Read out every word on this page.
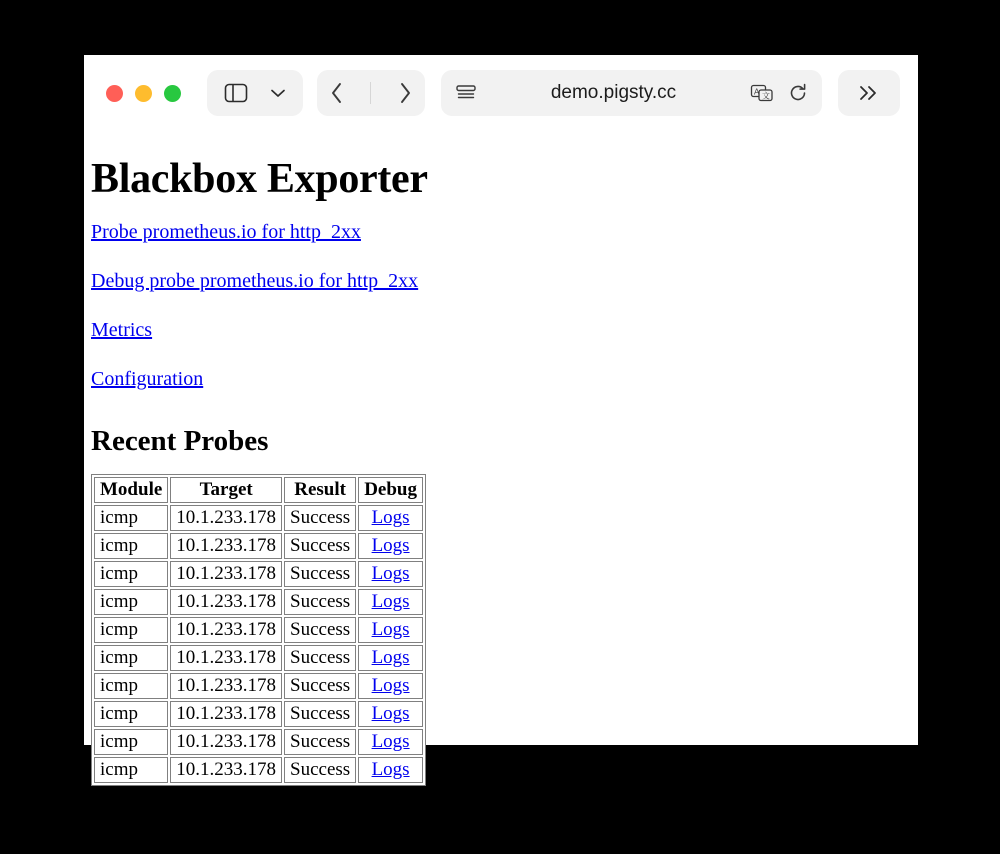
demo.pigsty.cc	A 文
Blackbox Exporter
Probe prometheus.io for http_2xx
Debug probe prometheus.io for http_2xx
Metrics
Configuration
Recent Probes
Module	Target	Result	Debug
icmp	10.1.233.178	Success	Logs
icmp	10.1.233.178	Success	Logs
icmp	10.1.233.178	Success	Logs
icmp	10.1.233.178	Success	Logs
icmp	10.1.233.178	Success	Logs
icmp	10.1.233.178	Success	Logs
icmp	10.1.233.178	Success	Logs
icmp	10.1.233.178	Success	Logs
icmp	10.1.233.178	Success	Logs
icmp	10.1.233.178	Success	Logs
